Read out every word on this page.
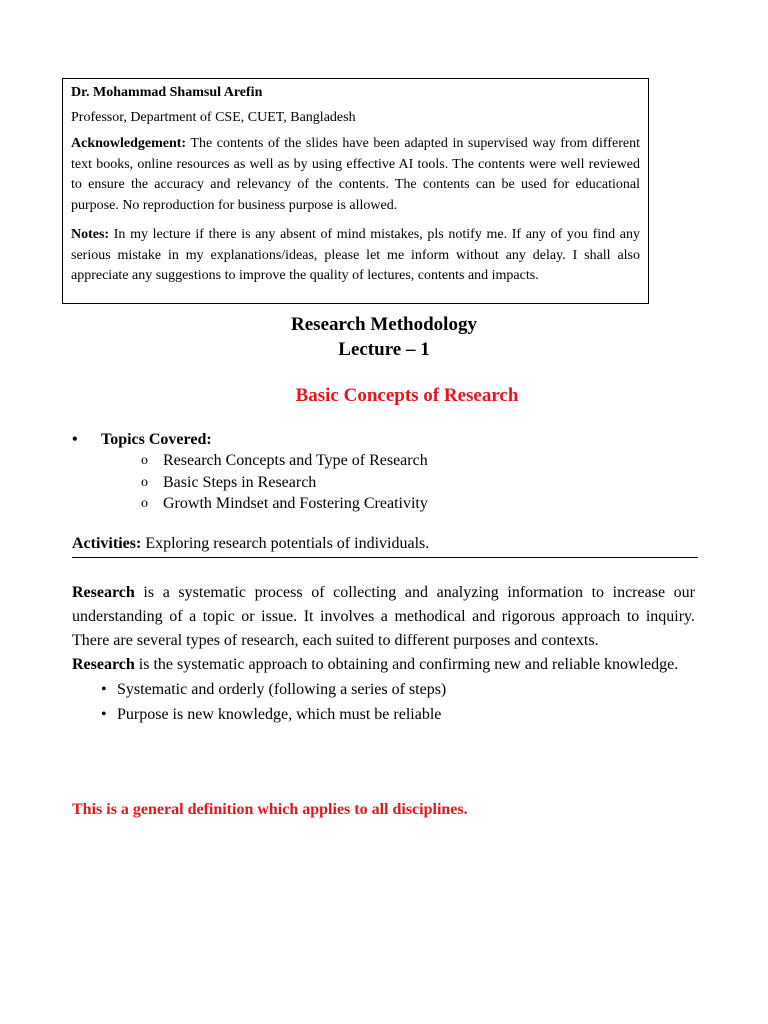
Dr. Mohammad Shamsul Arefin

Professor, Department of CSE, CUET, Bangladesh

Acknowledgement: The contents of the slides have been adapted in supervised way from different text books, online resources as well as by using effective AI tools. The contents were well reviewed to ensure the accuracy and relevancy of the contents. The contents can be used for educational purpose. No reproduction for business purpose is allowed.

Notes: In my lecture if there is any absent of mind mistakes, pls notify me. If any of you find any serious mistake in my explanations/ideas, please let me inform without any delay. I shall also appreciate any suggestions to improve the quality of lectures, contents and impacts.

Research Methodology

Lecture – 1

Basic Concepts of Research

• Topics Covered:
o Research Concepts and Type of Research
o Basic Steps in Research
o Growth Mindset and Fostering Creativity
Activities: Exploring research potentials of individuals.

Research is a systematic process of collecting and analyzing information to increase our understanding of a topic or issue. It involves a methodical and rigorous approach to inquiry. There are several types of research, each suited to different purposes and contexts.

Research is the systematic approach to obtaining and confirming new and reliable knowledge.

• Systematic and orderly (following a series of steps)
• Purpose is new knowledge, which must be reliable

This is a general definition which applies to all disciplines.
